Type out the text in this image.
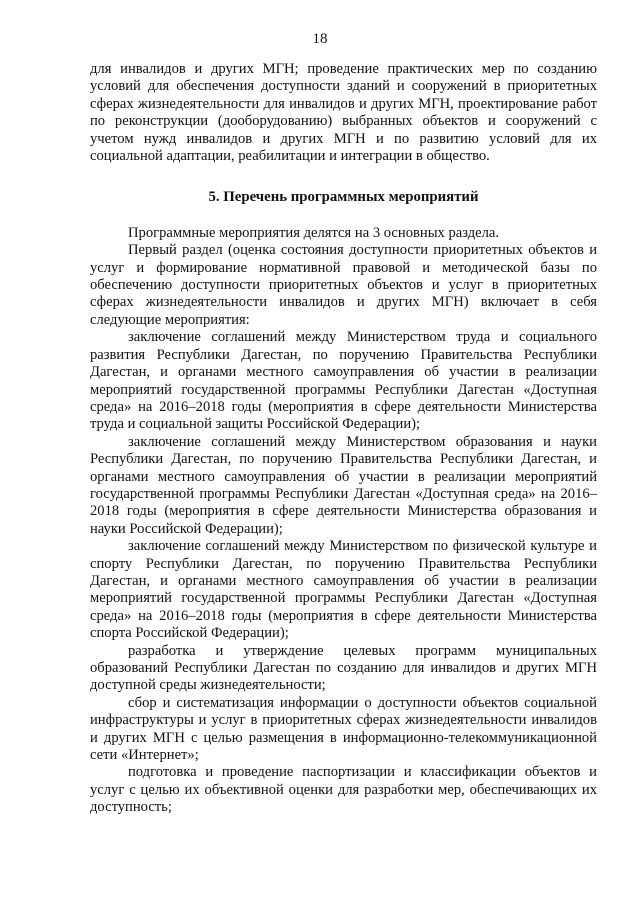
18

для инвалидов и других МГН; проведение практических мер по созданию условий для обеспечения доступности зданий и сооружений в приоритетных сферах жизнедеятельности для инвалидов и других МГН, проектирование работ по реконструкции (дооборудованию) выбранных объектов и сооружений с учетом нужд инвалидов и других МГН и по развитию условий для их социальной адаптации, реабилитации и интеграции в общество.

5. Перечень программных мероприятий

Программные мероприятия делятся на 3 основных раздела.

Первый раздел (оценка состояния доступности приоритетных объектов и услуг и формирование нормативной правовой и методической базы по обеспечению доступности приоритетных объектов и услуг в приоритетных сферах жизнедеятельности инвалидов и других МГН) включает в себя следующие мероприятия:

заключение соглашений между Министерством труда и социального развития Республики Дагестан, по поручению Правительства Республики Дагестан, и органами местного самоуправления об участии в реализации мероприятий государственной программы Республики Дагестан «Доступная среда» на 2016–2018 годы (мероприятия в сфере деятельности Министерства труда и социальной защиты Российской Федерации);

заключение соглашений между Министерством образования и науки Республики Дагестан, по поручению Правительства Республики Дагестан, и органами местного самоуправления об участии в реализации мероприятий государственной программы Республики Дагестан «Доступная среда» на 2016–2018 годы (мероприятия в сфере деятельности Министерства образования и науки Российской Федерации);

заключение соглашений между Министерством по физической культуре и спорту Республики Дагестан, по поручению Правительства Республики Дагестан, и органами местного самоуправления об участии в реализации мероприятий государственной программы Республики Дагестан «Доступная среда» на 2016–2018 годы (мероприятия в сфере деятельности Министерства спорта Российской Федерации);

разработка и утверждение целевых программ муниципальных образований Республики Дагестан по созданию для инвалидов и других МГН доступной среды жизнедеятельности;

сбор и систематизация информации о доступности объектов социальной инфраструктуры и услуг в приоритетных сферах жизнедеятельности инвалидов и других МГН с целью размещения в информационно-телекоммуникационной сети «Интернет»;

подготовка и проведение паспортизации и классификации объектов и услуг с целью их объективной оценки для разработки мер, обеспечивающих их доступность;
